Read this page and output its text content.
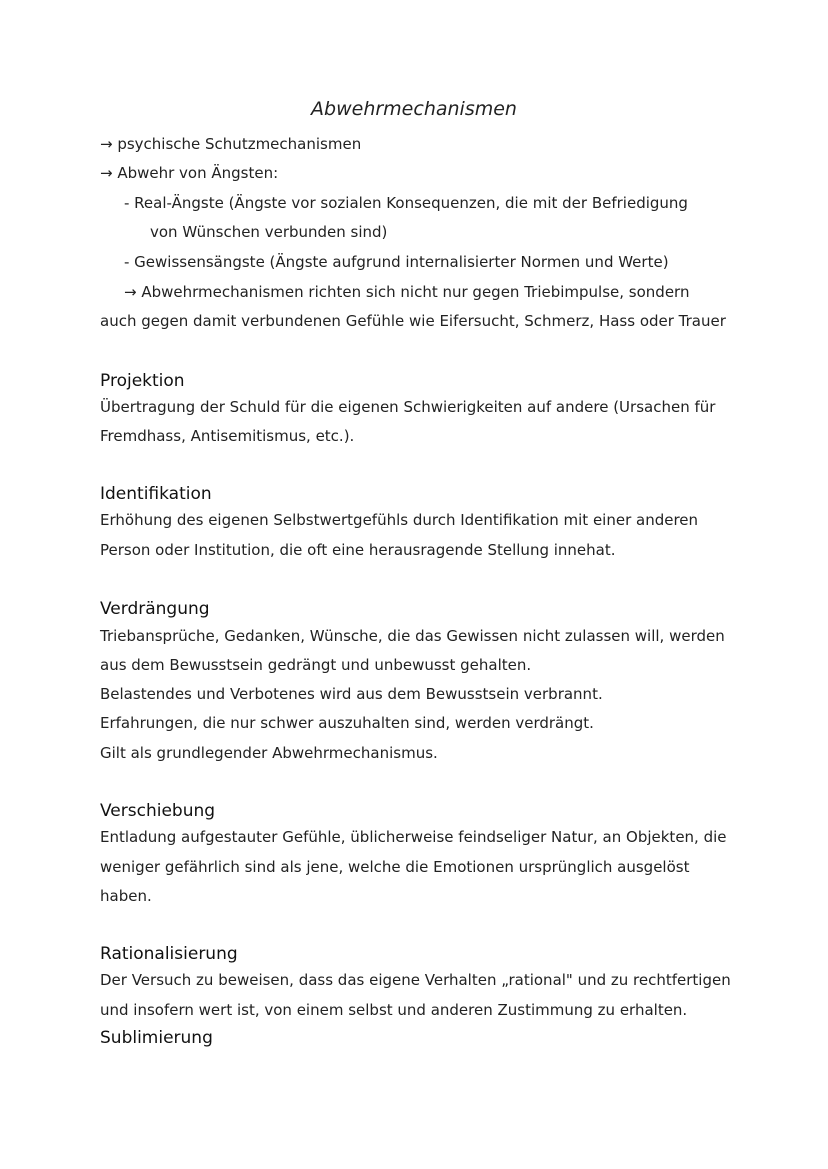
Abwehrmechanismen
→ psychische Schutzmechanismen
→ Abwehr von Ängsten:
- Real-Ängste (Ängste vor sozialen Konsequenzen, die mit der Befriedigung
von Wünschen verbunden sind)
- Gewissensängste (Ängste aufgrund internalisierter Normen und Werte)
→ Abwehrmechanismen richten sich nicht nur gegen Triebimpulse, sondern
auch gegen damit verbundenen Gefühle wie Eifersucht, Schmerz, Hass oder Trauer
Projektion
Übertragung der Schuld für die eigenen Schwierigkeiten auf andere (Ursachen für
Fremdhass, Antisemitismus, etc.).
Identifikation
Erhöhung des eigenen Selbstwertgefühls durch Identifikation mit einer anderen
Person oder Institution, die oft eine herausragende Stellung innehat.
Verdrängung
Triebansprüche, Gedanken, Wünsche, die das Gewissen nicht zulassen will, werden
aus dem Bewusstsein gedrängt und unbewusst gehalten.
Belastendes und Verbotenes wird aus dem Bewusstsein verbrannt.
Erfahrungen, die nur schwer auszuhalten sind, werden verdrängt.
Gilt als grundlegender Abwehrmechanismus.
Verschiebung
Entladung aufgestauter Gefühle, üblicherweise feindseliger Natur, an Objekten, die
weniger gefährlich sind als jene, welche die Emotionen ursprünglich ausgelöst
haben.
Rationalisierung
Der Versuch zu beweisen, dass das eigene Verhalten „rational" und zu rechtfertigen
und insofern wert ist, von einem selbst und anderen Zustimmung zu erhalten.
Sublimierung
